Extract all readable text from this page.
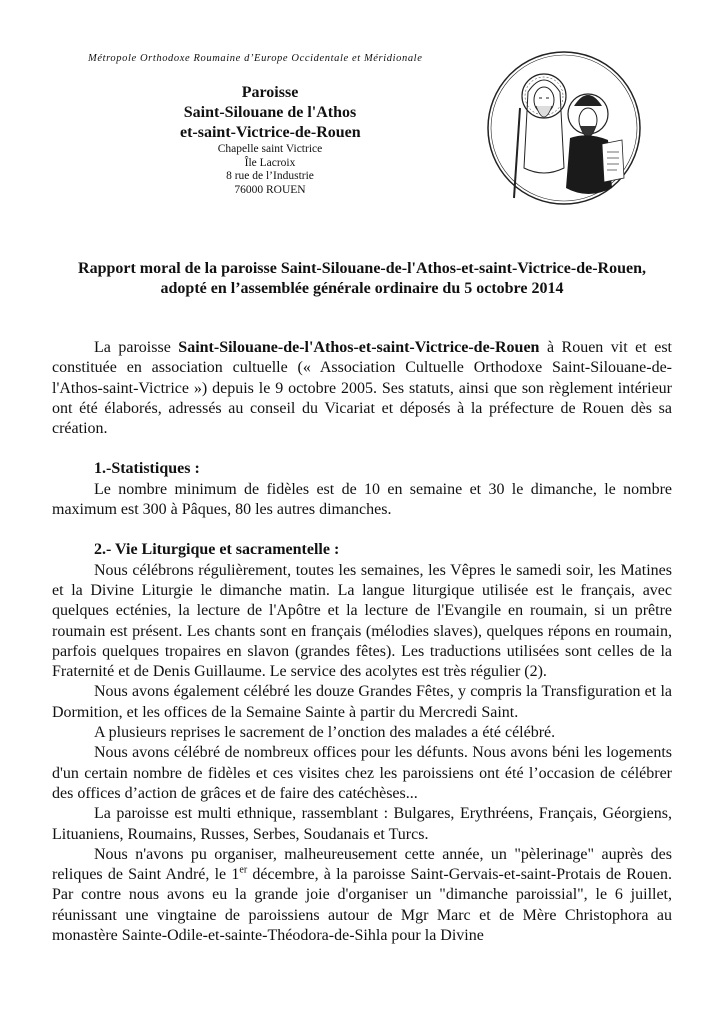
Métropole Orthodoxe Roumaine d’Europe Occidentale et Méridionale
Paroisse
Saint-Silouane de l'Athos
et-saint-Victrice-de-Rouen
Chapelle saint Victrice
Île Lacroix
8 rue de l’Industrie
76000 ROUEN
Rapport moral de la paroisse Saint-Silouane-de-l'Athos-et-saint-Victrice-de-Rouen,
adopté en l’assemblée générale ordinaire du 5 octobre 2014

La paroisse Saint-Silouane-de-l'Athos-et-saint-Victrice-de-Rouen à Rouen vit et est constituée en association cultuelle (« Association Cultuelle Orthodoxe Saint-Silouane-de-l'Athos-saint-Victrice ») depuis le 9 octobre 2005. Ses statuts, ainsi que son règlement intérieur ont été élaborés, adressés au conseil du Vicariat et déposés à la préfecture de Rouen dès sa création.

1.-Statistiques :

Le nombre minimum de fidèles est de 10 en semaine et 30 le dimanche, le nombre maximum est 300 à Pâques, 80 les autres dimanches.

2.- Vie Liturgique et sacramentelle :

Nous célébrons régulièrement, toutes les semaines, les Vêpres le samedi soir, les Matines et la Divine Liturgie le dimanche matin. La langue liturgique utilisée est le français, avec quelques ecténies, la lecture de l'Apôtre et la lecture de l'Evangile en roumain, si un prêtre roumain est présent. Les chants sont en français (mélodies slaves), quelques répons en roumain, parfois quelques tropaires en slavon (grandes fêtes). Les traductions utilisées sont celles de la Fraternité et de Denis Guillaume. Le service des acolytes est très régulier (2).

Nous avons également célébré les douze Grandes Fêtes, y compris la Transfiguration et la Dormition, et les offices de la Semaine Sainte à partir du Mercredi Saint.

A plusieurs reprises le sacrement de l’onction des malades a été célébré.

Nous avons célébré de nombreux offices pour les défunts. Nous avons béni les logements d'un certain nombre de fidèles et ces visites chez les paroissiens ont été l’occasion de célébrer des offices d’action de grâces et de faire des catéchèses...

La paroisse est multi ethnique, rassemblant : Bulgares, Erythréens, Français, Géorgiens, Lituaniens, Roumains, Russes, Serbes, Soudanais et Turcs.

Nous n'avons pu organiser, malheureusement cette année, un "pèlerinage" auprès des reliques de Saint André, le 1er décembre, à la paroisse Saint-Gervais-et-saint-Protais de Rouen. Par contre nous avons eu la grande joie d'organiser un "dimanche paroissial", le 6 juillet, réunissant une vingtaine de paroissiens autour de Mgr Marc et de Mère Christophora au monastère Sainte-Odile-et-sainte-Théodora-de-Sihla pour la Divine
